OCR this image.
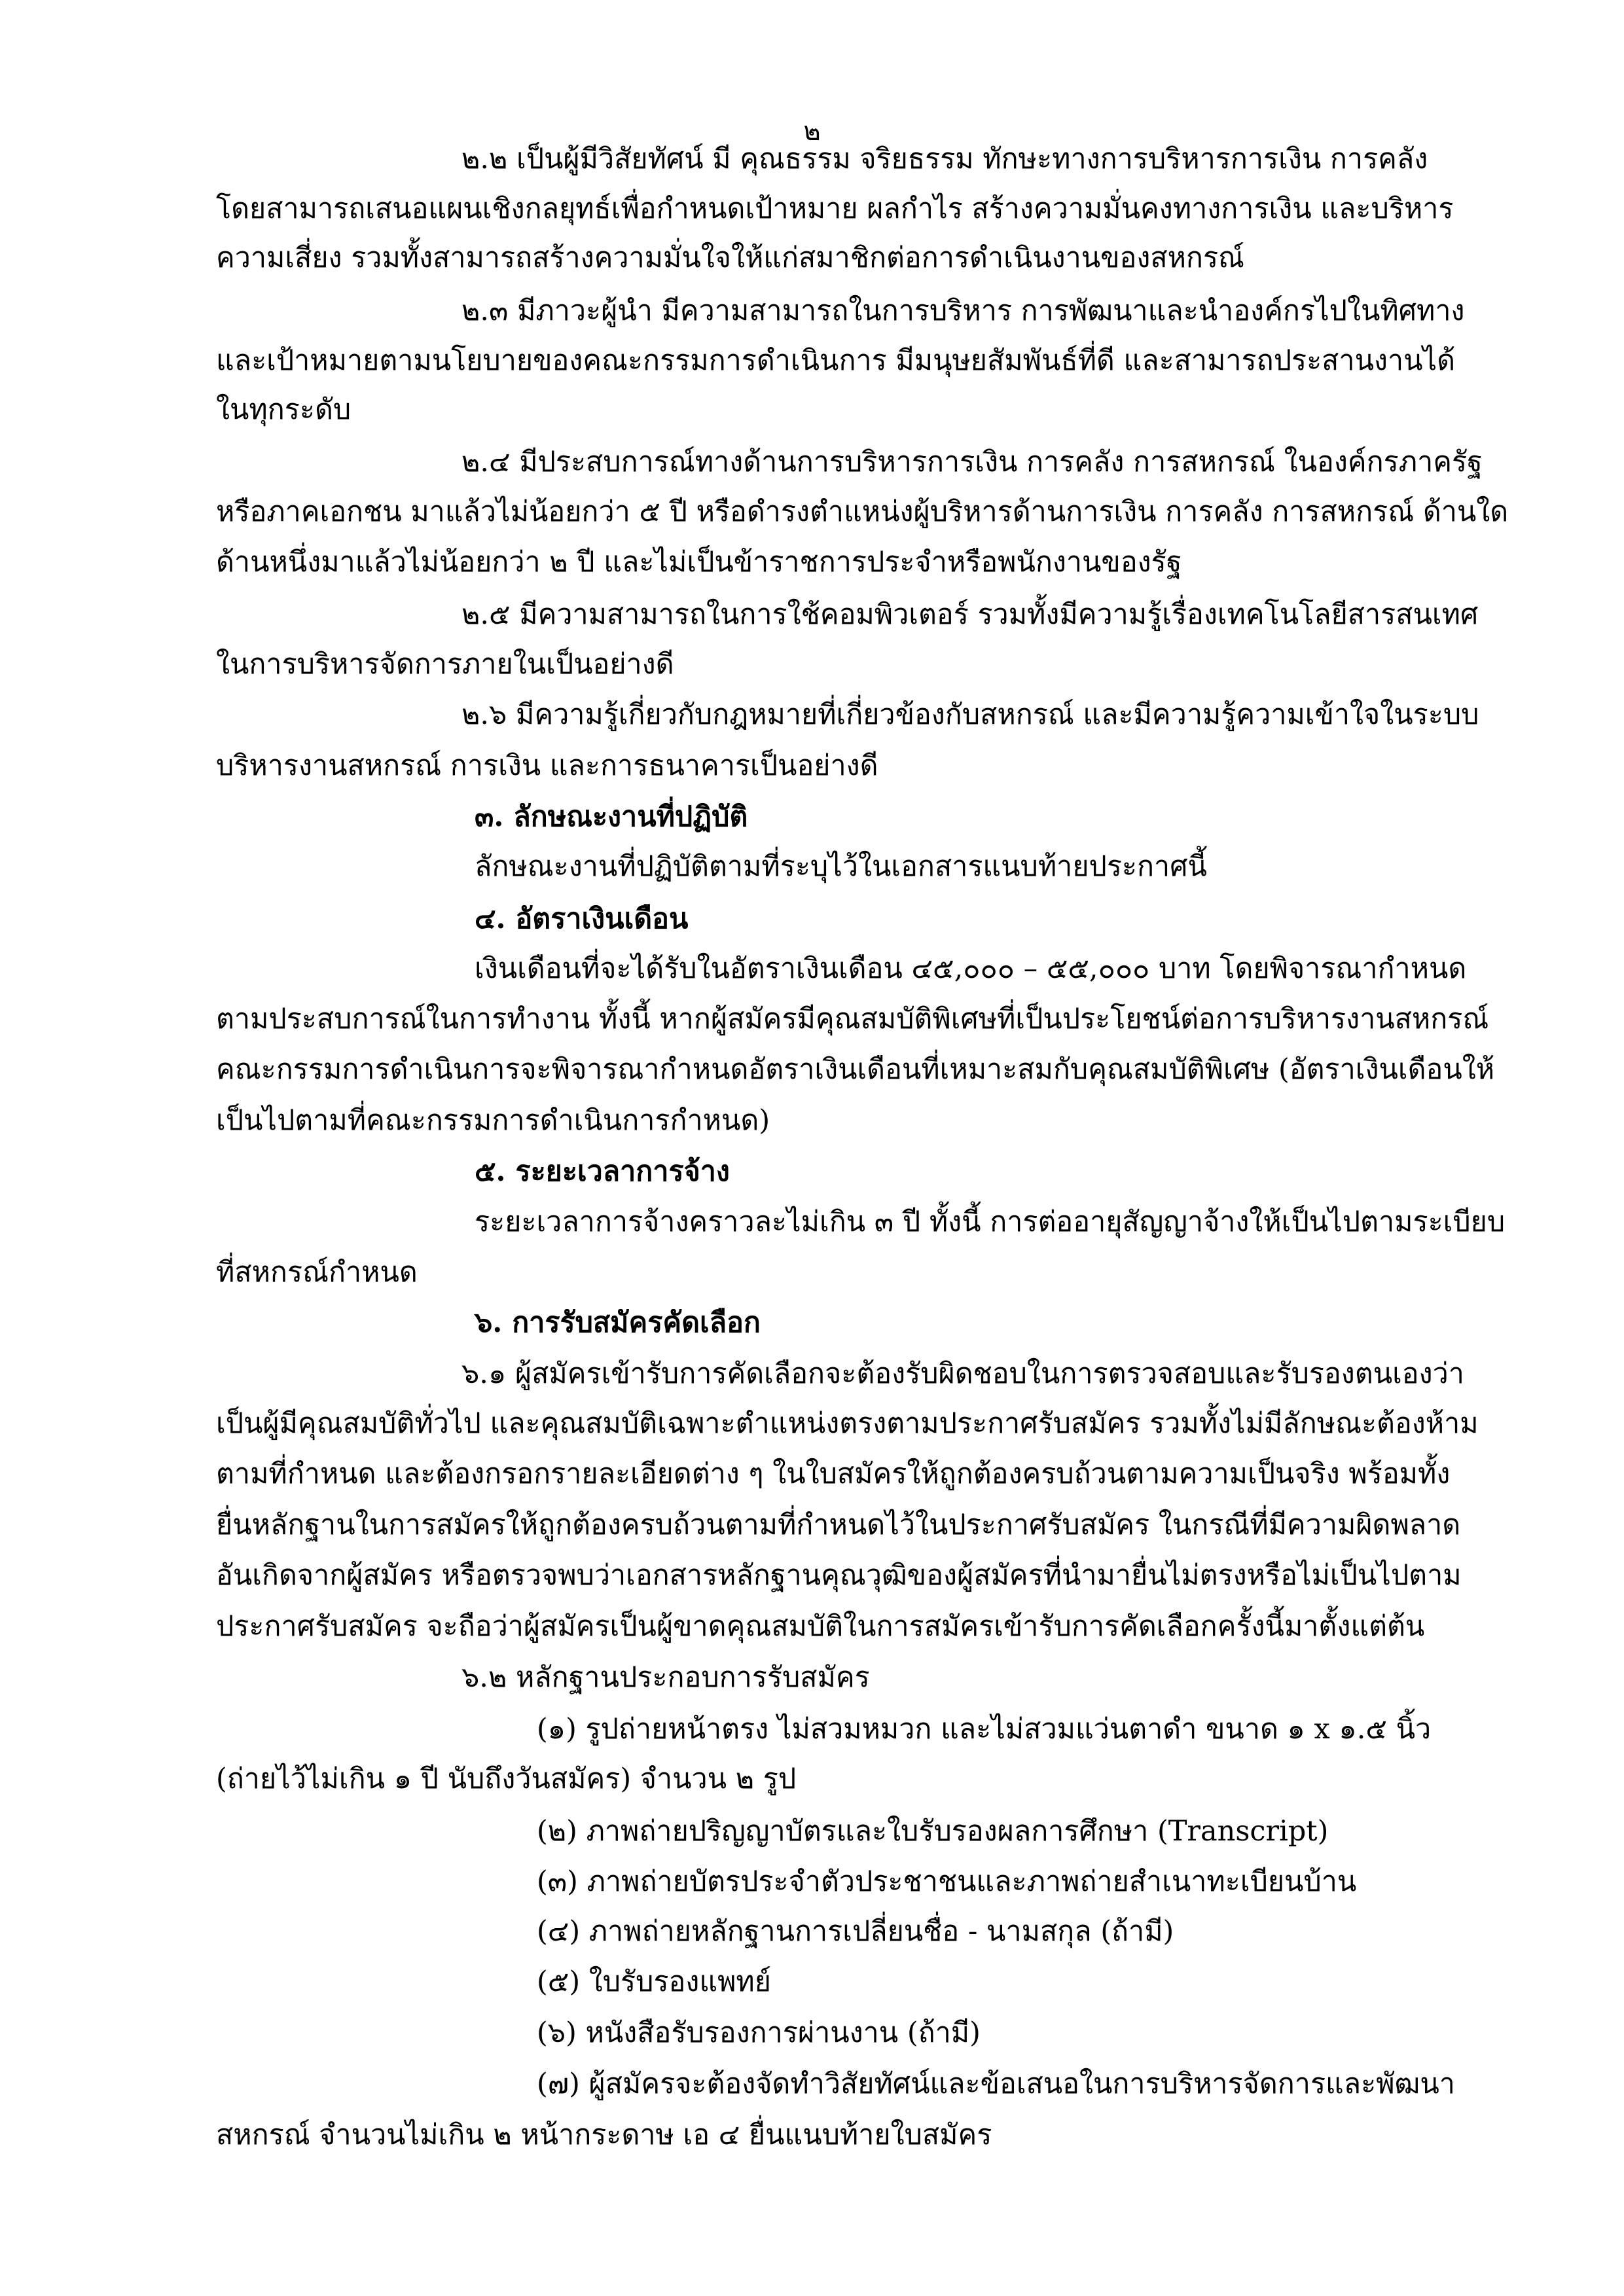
๒
๒.๒ เป็นผู้มีวิสัยทัศน์ มี คุณธรรม จริยธรรม ทักษะทางการบริหารการเงิน การคลัง
โดยสามารถเสนอแผนเชิงกลยุทธ์เพื่อกำหนดเป้าหมาย ผลกำไร สร้างความมั่นคงทางการเงิน และบริหาร
ความเสี่ยง รวมทั้งสามารถสร้างความมั่นใจให้แก่สมาชิกต่อการดำเนินงานของสหกรณ์
๒.๓ มีภาวะผู้นำ มีความสามารถในการบริหาร การพัฒนาและนำองค์กรไปในทิศทาง
และเป้าหมายตามนโยบายของคณะกรรมการดำเนินการ มีมนุษยสัมพันธ์ที่ดี และสามารถประสานงานได้
ในทุกระดับ
๒.๔ มีประสบการณ์ทางด้านการบริหารการเงิน การคลัง การสหกรณ์ ในองค์กรภาครัฐ
หรือภาคเอกชน มาแล้วไม่น้อยกว่า ๕ ปี หรือดำรงตำแหน่งผู้บริหารด้านการเงิน การคลัง การสหกรณ์ ด้านใด
ด้านหนึ่งมาแล้วไม่น้อยกว่า ๒ ปี และไม่เป็นข้าราชการประจำหรือพนักงานของรัฐ
๒.๕ มีความสามารถในการใช้คอมพิวเตอร์ รวมทั้งมีความรู้เรื่องเทคโนโลยีสารสนเทศ
ในการบริหารจัดการภายในเป็นอย่างดี
๒.๖ มีความรู้เกี่ยวกับกฎหมายที่เกี่ยวข้องกับสหกรณ์ และมีความรู้ความเข้าใจในระบบ
บริหารงานสหกรณ์ การเงิน และการธนาคารเป็นอย่างดี
๓. ลักษณะงานที่ปฏิบัติ
ลักษณะงานที่ปฏิบัติตามที่ระบุไว้ในเอกสารแนบท้ายประกาศนี้
๔. อัตราเงินเดือน
เงินเดือนที่จะได้รับในอัตราเงินเดือน ๔๕,๐๐๐ – ๕๕,๐๐๐ บาท โดยพิจารณากำหนด
ตามประสบการณ์ในการทำงาน ทั้งนี้ หากผู้สมัครมีคุณสมบัติพิเศษที่เป็นประโยชน์ต่อการบริหารงานสหกรณ์
คณะกรรมการดำเนินการจะพิจารณากำหนดอัตราเงินเดือนที่เหมาะสมกับคุณสมบัติพิเศษ (อัตราเงินเดือนให้
เป็นไปตามที่คณะกรรมการดำเนินการกำหนด)
๕. ระยะเวลาการจ้าง
ระยะเวลาการจ้างคราวละไม่เกิน ๓ ปี ทั้งนี้ การต่ออายุสัญญาจ้างให้เป็นไปตามระเบียบ
ที่สหกรณ์กำหนด
๖. การรับสมัครคัดเลือก
๖.๑ ผู้สมัครเข้ารับการคัดเลือกจะต้องรับผิดชอบในการตรวจสอบและรับรองตนเองว่า
เป็นผู้มีคุณสมบัติทั่วไป และคุณสมบัติเฉพาะตำแหน่งตรงตามประกาศรับสมัคร รวมทั้งไม่มีลักษณะต้องห้าม
ตามที่กำหนด และต้องกรอกรายละเอียดต่าง ๆ ในใบสมัครให้ถูกต้องครบถ้วนตามความเป็นจริง พร้อมทั้ง
ยื่นหลักฐานในการสมัครให้ถูกต้องครบถ้วนตามที่กำหนดไว้ในประกาศรับสมัคร ในกรณีที่มีความผิดพลาด
อันเกิดจากผู้สมัคร หรือตรวจพบว่าเอกสารหลักฐานคุณวุฒิของผู้สมัครที่นำมายื่นไม่ตรงหรือไม่เป็นไปตาม
ประกาศรับสมัคร จะถือว่าผู้สมัครเป็นผู้ขาดคุณสมบัติในการสมัครเข้ารับการคัดเลือกครั้งนี้มาตั้งแต่ต้น
๖.๒ หลักฐานประกอบการรับสมัคร
(๑) รูปถ่ายหน้าตรง ไม่สวมหมวก และไม่สวมแว่นตาดำ ขนาด ๑ x ๑.๕ นิ้ว
(ถ่ายไว้ไม่เกิน ๑ ปี นับถึงวันสมัคร) จำนวน ๒ รูป
(๒) ภาพถ่ายปริญญาบัตรและใบรับรองผลการศึกษา (Transcript)
(๓) ภาพถ่ายบัตรประจำตัวประชาชนและภาพถ่ายสำเนาทะเบียนบ้าน
(๔) ภาพถ่ายหลักฐานการเปลี่ยนชื่อ - นามสกุล (ถ้ามี)
(๕) ใบรับรองแพทย์
(๖) หนังสือรับรองการผ่านงาน (ถ้ามี)
(๗) ผู้สมัครจะต้องจัดทำวิสัยทัศน์และข้อเสนอในการบริหารจัดการและพัฒนา
สหกรณ์ จำนวนไม่เกิน ๒ หน้ากระดาษ เอ ๔ ยื่นแนบท้ายใบสมัคร
